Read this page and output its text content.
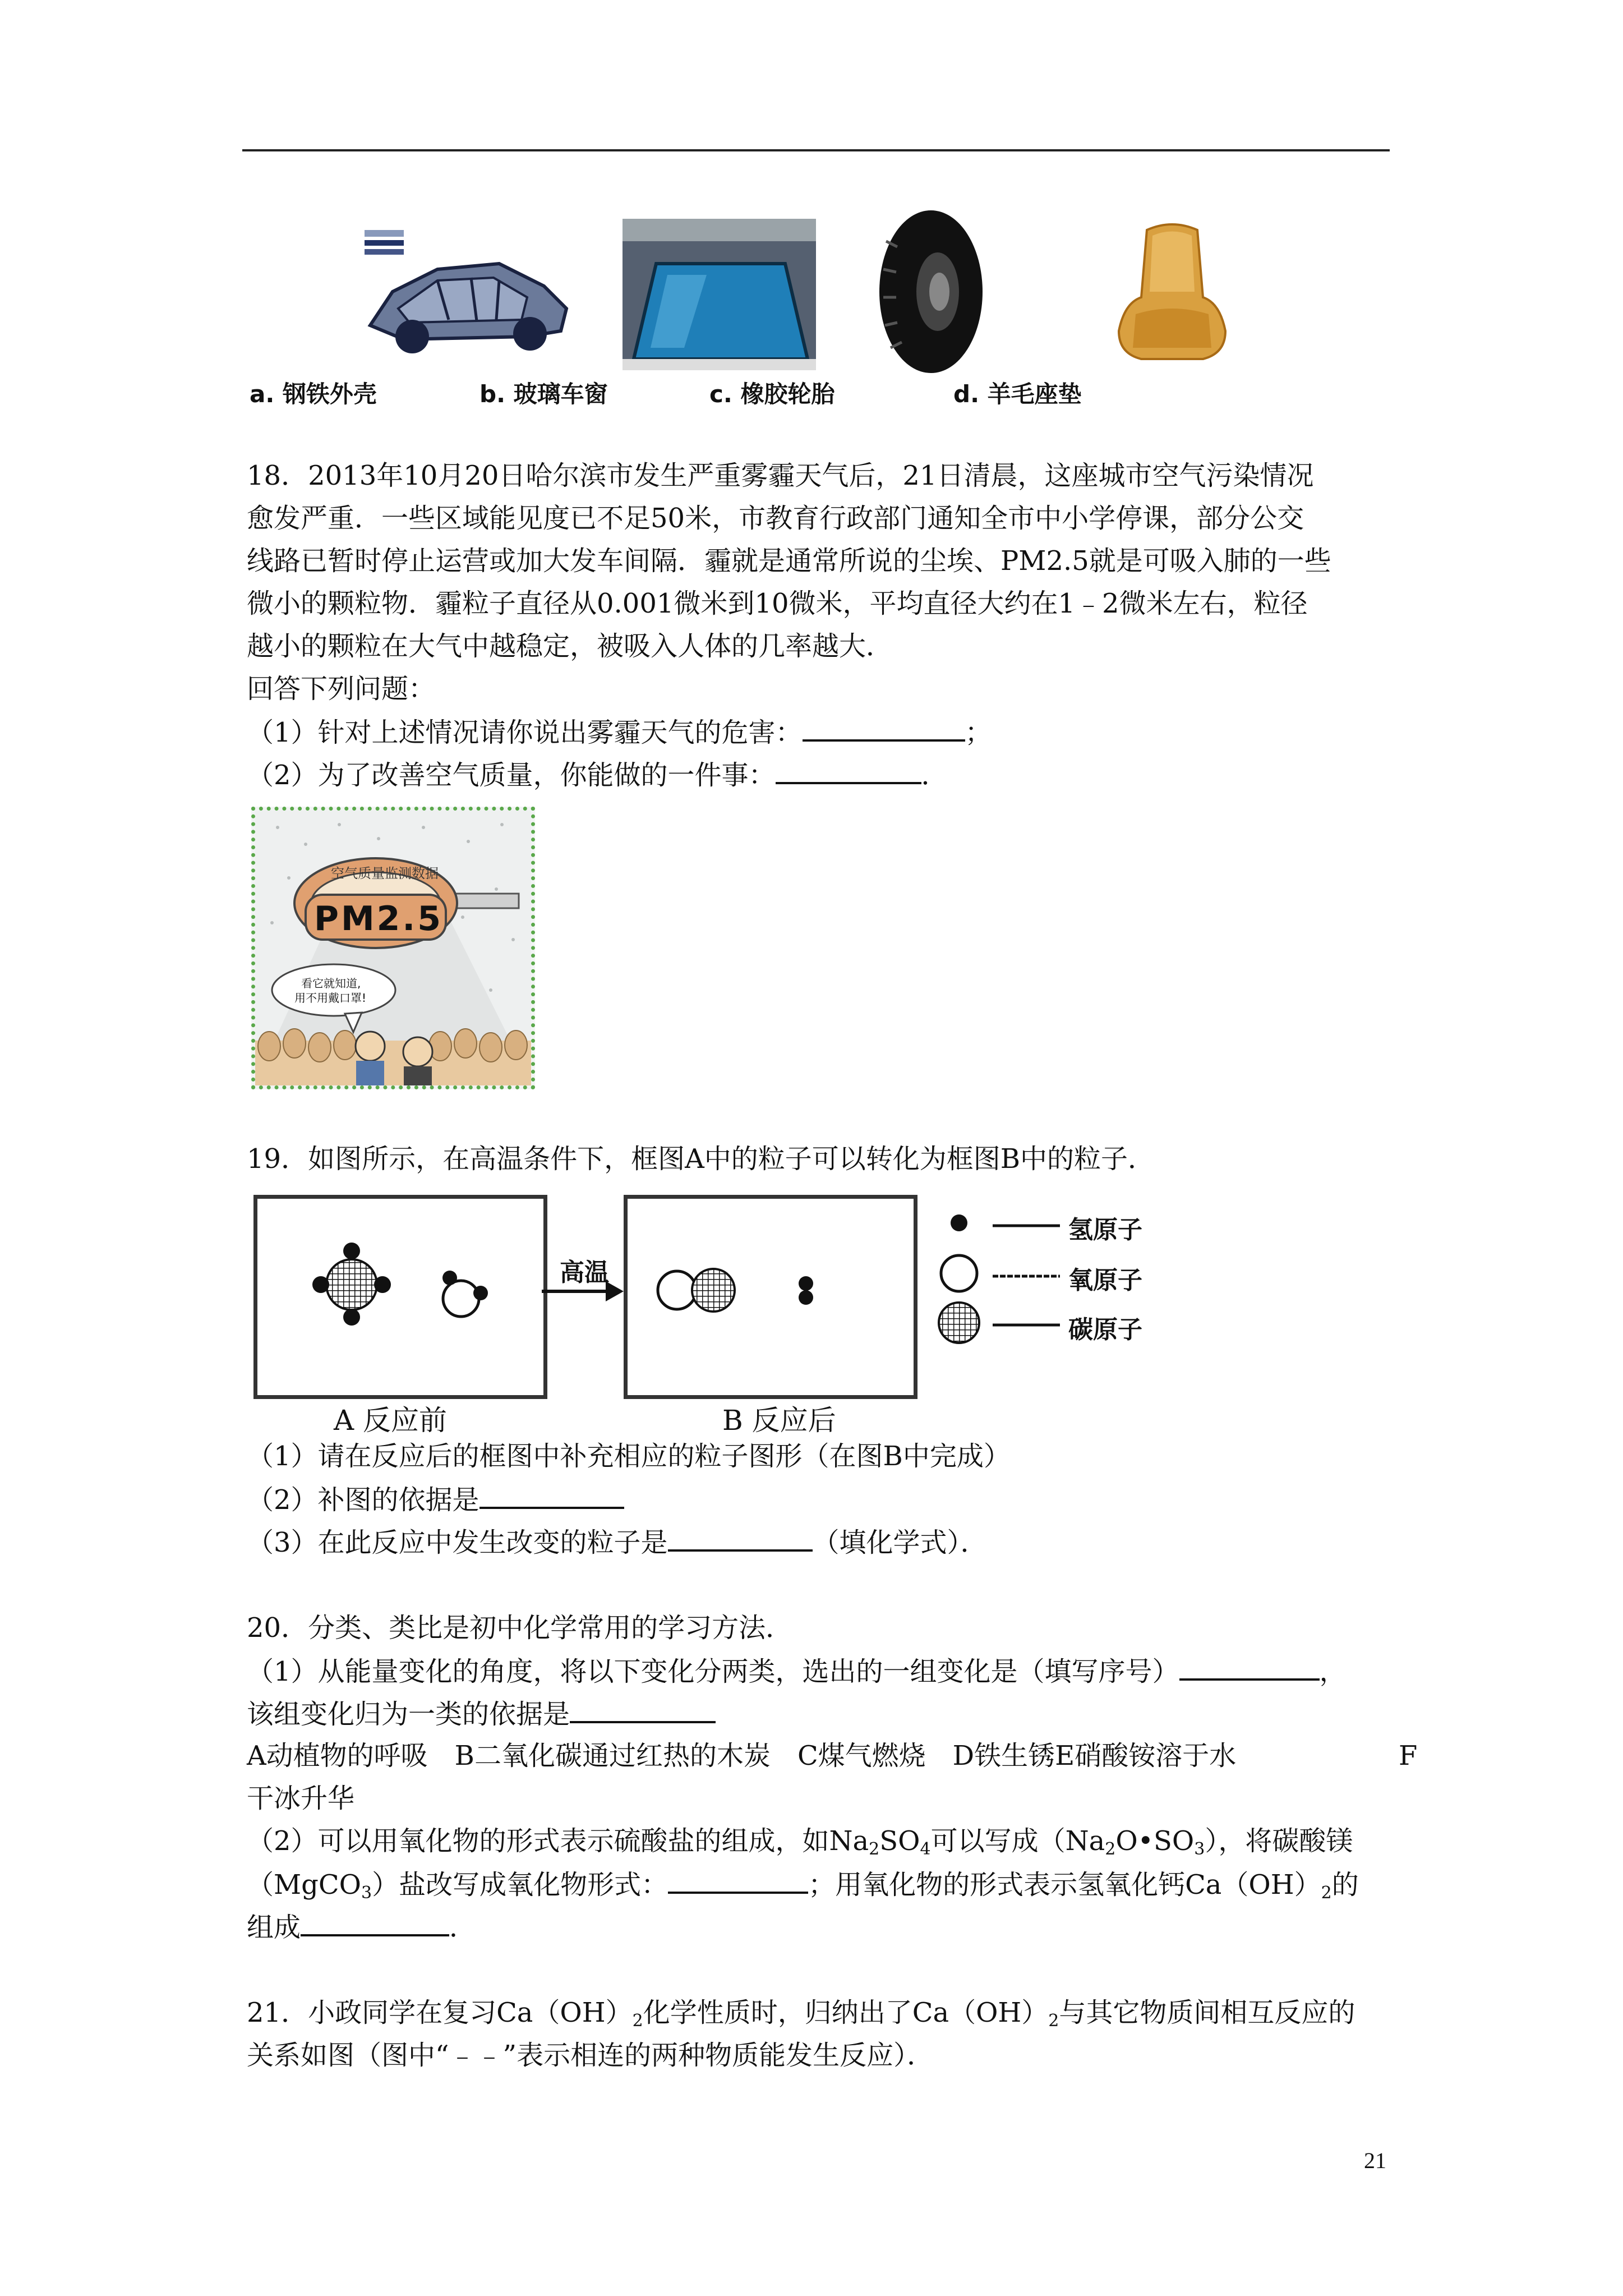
a. 钢铁外壳	b. 玻璃车窗	c. 橡胶轮胎	d. 羊毛座垫
18．2013年10月20日哈尔滨市发生严重雾霾天气后，21日清晨，这座城市空气污染情况
愈发严重．一些区域能见度已不足50米，市教育行政部门通知全市中小学停课，部分公交
线路已暂时停止运营或加大发车间隔．霾就是通常所说的尘埃、PM2.5就是可吸入肺的一些
微小的颗粒物．霾粒子直径从0.001微米到10微米，平均直径大约在1﹣2微米左右，粒径
越小的颗粒在大气中越稳定，被吸入人体的几率越大．
回答下列问题：
（1）针对上述情况请你说出雾霾天气的危害：	；
（2）为了改善空气质量，你能做的一件事：	．
空气质量监测数据
PM2.5
看它就知道,
用不用戴口罩!
19．如图所示，在高温条件下，框图A中的粒子可以转化为框图B中的粒子．
A 反应前
高温
B 反应后
氢原子
氧原子
碳原子
（1）请在反应后的框图中补充相应的粒子图形（在图B中完成）
（2）补图的依据是
（3）在此反应中发生改变的粒子是	（填化学式）．
20．分类、类比是初中化学常用的学习方法．
（1）从能量变化的角度，将以下变化分两类，选出的一组变化是（填写序号）	，
该组变化归为一类的依据是
A动植物的呼吸　B二氧化碳通过红热的木炭　C煤气燃烧　D铁生锈E硝酸铵溶于水	F
干冰升华
（2）可以用氧化物的形式表示硫酸盐的组成，如$Na_2SO_4$可以写成$(Na_2O•SO_3)$，将碳酸镁
（MgCO$_3$）盐改写成氧化物形式：	；用氧化物的形式表示氢氧化钙$Ca(OH)_2$的
组成	．
21．小政同学在复习$Ca(OH)_2$化学性质时，归纳出了$Ca(OH)_2$与其它物质间相互反应的
关系如图（图中“﹣﹣”表示相连的两种物质能发生反应）．
21
